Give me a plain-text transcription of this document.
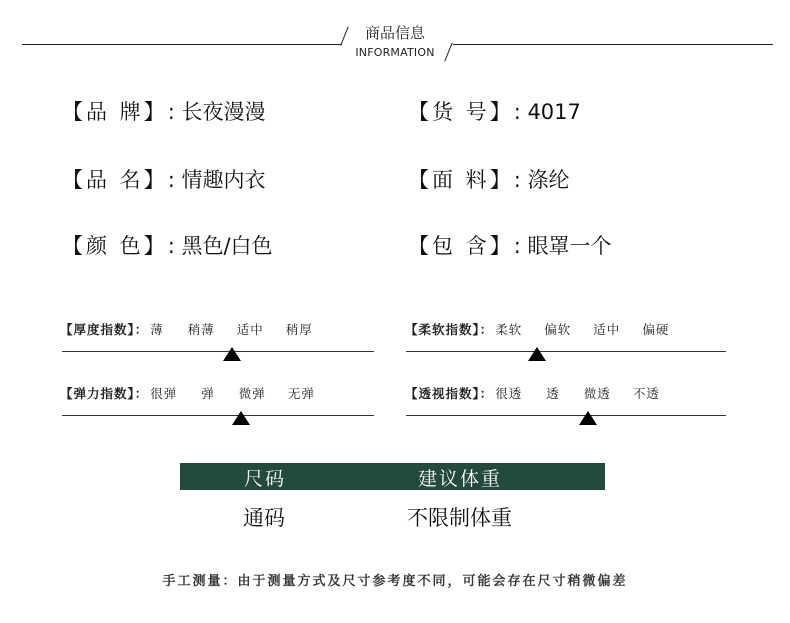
商品信息
INFORMATION
【品 牌】: 长夜漫漫	【货 号】: 4017
【品 名】: 情趣内衣	【面 料】: 涤纶
【颜 色】: 黑色/白色	【包 含】: 眼罩一个
【厚度指数】： 薄 稍薄 适中 稍厚	【柔软指数】： 柔软 偏软 适中 偏硬
【弹力指数】： 很弹 弹 微弹 无弹	【透视指数】： 很透 透 微透 不透
尺码	建议体重
通码	不限制体重
手工测量：由于测量方式及尺寸参考度不同，可能会存在尺寸稍微偏差
